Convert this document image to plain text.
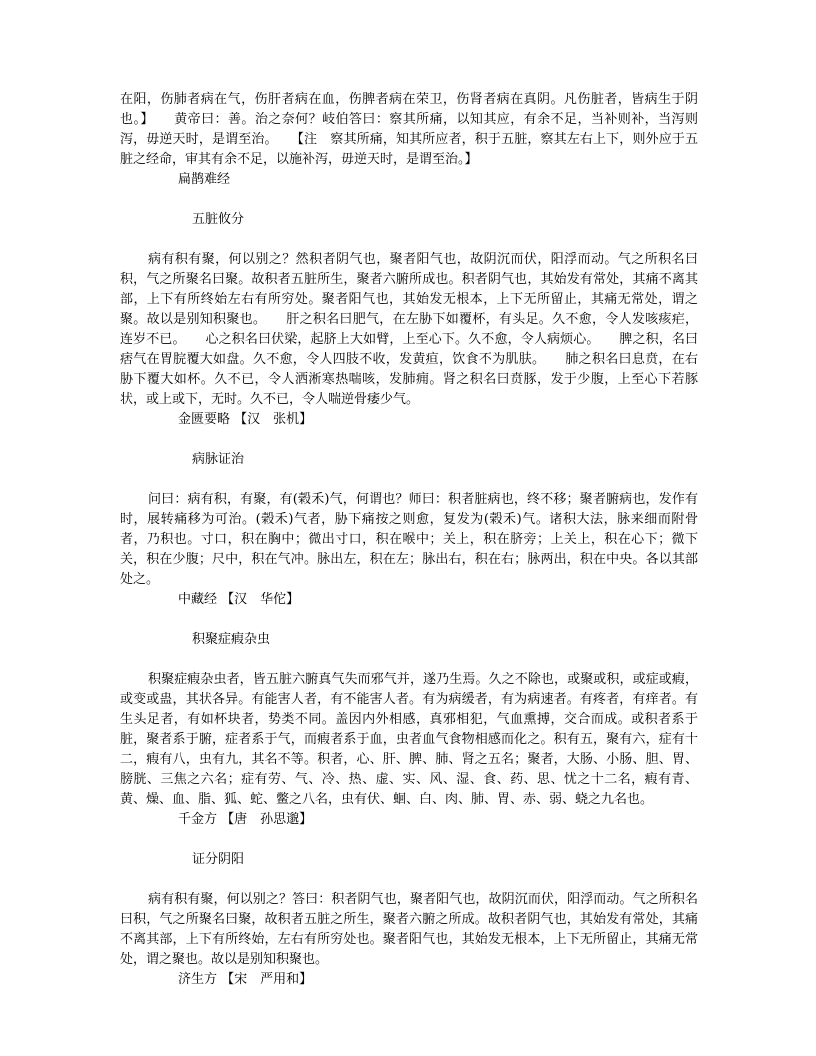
在阳，伤肺者病在气，伤肝者病在血，伤脾者病在荣卫，伤肾者病在真阴。凡伤脏者，皆病生于阴也。】　　黄帝曰：善。治之奈何？岐伯答曰：察其所痛，以知其应，有余不足，当补则补，当泻则泻，毋逆天时，是谓至治。　　【注　察其所痛，知其所应者，积于五脏，察其左右上下，则外应于五脏之经命，审其有余不足，以施补泻，毋逆天时，是谓至治。】

扁鹊难经

五脏攸分

病有积有聚，何以别之？然积者阴气也，聚者阳气也，故阴沉而伏，阳浮而动。气之所积名曰积，气之所聚名曰聚。故积者五脏所生，聚者六腑所成也。积者阴气也，其始发有常处，其痛不离其部，上下有所终始左右有所穷处。聚者阳气也，其始发无根本，上下无所留止，其痛无常处，谓之聚。故以是别知积聚也。　　肝之积名曰肥气，在左胁下如覆杯，有头足。久不愈，令人发咳痎疟，连岁不已。　　心之积名曰伏梁，起脐上大如臂，上至心下。久不愈，令人病烦心。　　脾之积，名曰痞气在胃脘覆大如盘。久不愈，令人四肢不收，发黄疸，饮食不为肌肤。　　肺之积名曰息贲，在右胁下覆大如杯。久不已，令人洒淅寒热喘咳，发肺痈。肾之积名曰贲豚，发于少腹，上至心下若豚状，或上或下，无时。久不已，令人喘逆骨痿少气。

金匮要略 【汉　张机】

病脉证治

问曰：病有积，有聚，有(榖禾)气，何谓也？师曰：积者脏病也，终不移；聚者腑病也，发作有时，展转痛移为可治。(榖禾)气者，胁下痛按之则愈，复发为(榖禾)气。诸积大法，脉来细而附骨者，乃积也。寸口，积在胸中；微出寸口，积在喉中；关上，积在脐旁；上关上，积在心下；微下关，积在少腹；尺中，积在气冲。脉出左，积在左；脉出右，积在右；脉两出，积在中央。各以其部处之。

中藏经 【汉　华佗】

积聚症瘕杂虫

积聚症瘕杂虫者，皆五脏六腑真气失而邪气并，遂乃生焉。久之不除也，或聚或积，或症或瘕，或变或蛊，其状各异。有能害人者，有不能害人者。有为病缓者，有为病速者。有疼者，有痒者。有生头足者，有如杯块者，势类不同。盖因内外相感，真邪相犯，气血熏搏，交合而成。或积者系于脏，聚者系于腑，症者系于气，而瘕者系于血，虫者血气食物相感而化之。积有五，聚有六，症有十二，瘕有八，虫有九，其名不等。积者，心、肝、脾、肺、肾之五名；聚者，大肠、小肠、胆、胃、膀胱、三焦之六名；症有劳、气、冷、热、虚、实、风、湿、食、药、思、忧之十二名，瘕有青、黄、燥、血、脂、狐、蛇、鳖之八名，虫有伏、蛔、白、肉、肺、胃、赤、弱、蛲之九名也。

千金方 【唐　孙思邈】

证分阴阳

病有积有聚，何以别之？答曰：积者阴气也，聚者阳气也，故阴沉而伏，阳浮而动。气之所积名曰积，气之所聚名曰聚，故积者五脏之所生，聚者六腑之所成。故积者阴气也，其始发有常处，其痛不离其部，上下有所终始，左右有所穷处也。聚者阳气也，其始发无根本，上下无所留止，其痛无常处，谓之聚也。故以是别知积聚也。

济生方 【宋　严用和】
